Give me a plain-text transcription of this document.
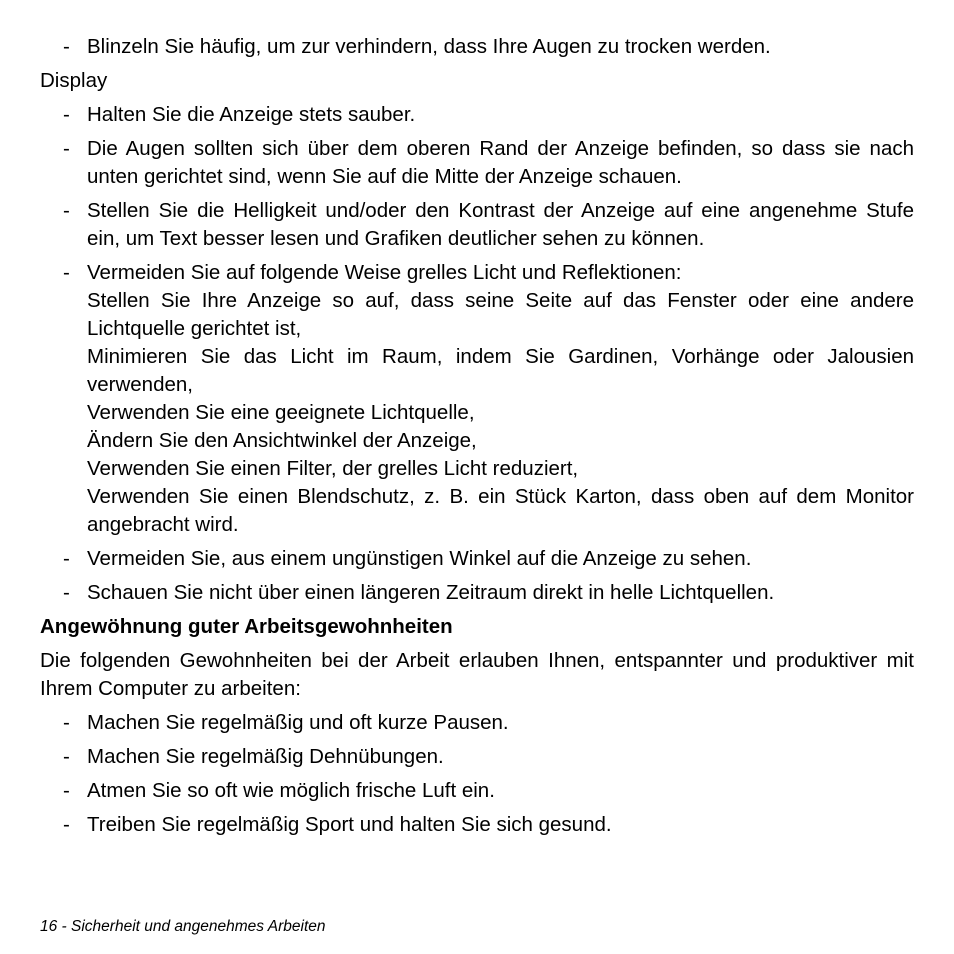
- Blinzeln Sie häufig, um zur verhindern, dass Ihre Augen zu trocken werden.
Display
- Halten Sie die Anzeige stets sauber.
- Die Augen sollten sich über dem oberen Rand der Anzeige befinden, so dass sie nach unten gerichtet sind, wenn Sie auf die Mitte der Anzeige schauen.
- Stellen Sie die Helligkeit und/oder den Kontrast der Anzeige auf eine angenehme Stufe ein, um Text besser lesen und Grafiken deutlicher sehen zu können.
- Vermeiden Sie auf folgende Weise grelles Licht und Reflektionen:
Stellen Sie Ihre Anzeige so auf, dass seine Seite auf das Fenster oder eine andere Lichtquelle gerichtet ist,
Minimieren Sie das Licht im Raum, indem Sie Gardinen, Vorhänge oder Jalousien verwenden,
Verwenden Sie eine geeignete Lichtquelle,
Ändern Sie den Ansichtwinkel der Anzeige,
Verwenden Sie einen Filter, der grelles Licht reduziert,
Verwenden Sie einen Blendschutz, z. B. ein Stück Karton, dass oben auf dem Monitor angebracht wird.
- Vermeiden Sie, aus einem ungünstigen Winkel auf die Anzeige zu sehen.
- Schauen Sie nicht über einen längeren Zeitraum direkt in helle Lichtquellen.
Angewöhnung guter Arbeitsgewohnheiten
Die folgenden Gewohnheiten bei der Arbeit erlauben Ihnen, entspannter und produktiver mit Ihrem Computer zu arbeiten:
- Machen Sie regelmäßig und oft kurze Pausen.
- Machen Sie regelmäßig Dehnübungen.
- Atmen Sie so oft wie möglich frische Luft ein.
- Treiben Sie regelmäßig Sport und halten Sie sich gesund.
16 - Sicherheit und angenehmes Arbeiten
